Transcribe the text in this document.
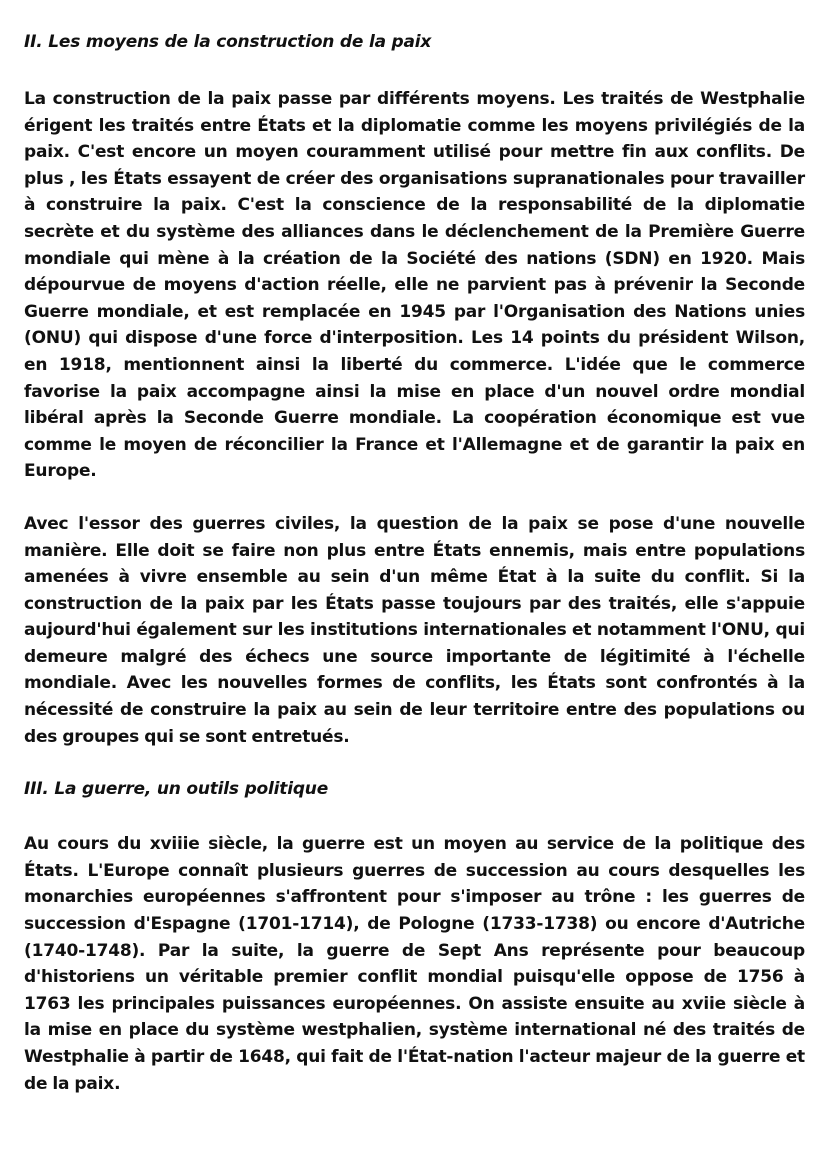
II. Les moyens de la construction de la paix

La construction de la paix passe par différents moyens. Les traités de Westphalie érigent les traités entre États et la diplomatie comme les moyens privilégiés de la paix. C'est encore un moyen couramment utilisé pour mettre fin aux conflits. De plus , les États essayent de créer des organisations supranationales pour travailler à construire la paix. C'est la conscience de la responsabilité de la diplomatie secrète et du système des alliances dans le déclenchement de la Première Guerre mondiale qui mène à la création de la Société des nations (SDN) en 1920. Mais dépourvue de moyens d'action réelle, elle ne parvient pas à prévenir la Seconde Guerre mondiale, et est remplacée en 1945 par l'Organisation des Nations unies (ONU) qui dispose d'une force d'interposition. Les 14 points du président Wilson, en 1918, mentionnent ainsi la liberté du commerce. L'idée que le commerce favorise la paix accompagne ainsi la mise en place d'un nouvel ordre mondial libéral après la Seconde Guerre mondiale. La coopération économique est vue comme le moyen de réconcilier la France et l'Allemagne et de garantir la paix en Europe.

Avec l'essor des guerres civiles, la question de la paix se pose d'une nouvelle manière. Elle doit se faire non plus entre États ennemis, mais entre populations amenées à vivre ensemble au sein d'un même État à la suite du conflit. Si la construction de la paix par les États passe toujours par des traités, elle s'appuie aujourd'hui également sur les institutions internationales et notamment l'ONU, qui demeure malgré des échecs une source importante de légitimité à l'échelle mondiale. Avec les nouvelles formes de conflits, les États sont confrontés à la nécessité de construire la paix au sein de leur territoire entre des populations ou des groupes qui se sont entretués.

III. La guerre, un outils politique

Au cours du xviiie siècle, la guerre est un moyen au service de la politique des États. L'Europe connaît plusieurs guerres de succession au cours desquelles les monarchies européennes s'affrontent pour s'imposer au trône : les guerres de succession d'Espagne (1701-1714), de Pologne (1733-1738) ou encore d'Autriche (1740-1748). Par la suite, la guerre de Sept Ans représente pour beaucoup d'historiens un véritable premier conflit mondial puisqu'elle oppose de 1756 à 1763 les principales puissances européennes. On assiste ensuite au xviie siècle à la mise en place du système westphalien, système international né des traités de Westphalie à partir de 1648, qui fait de l'État-nation l'acteur majeur de la guerre et de la paix.
